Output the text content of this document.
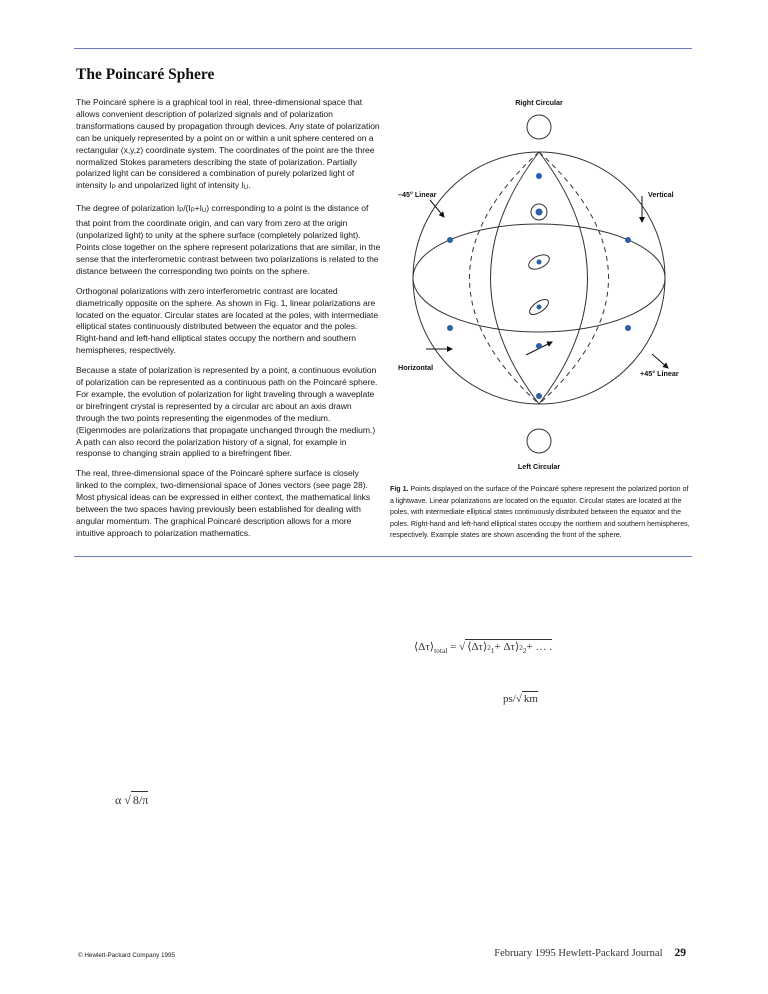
The Poincaré Sphere

The Poincaré sphere is a graphical tool in real, three-dimensional space that allows convenient description of polarized signals and of polarization transformations caused by propagation through devices. Any state of polarization can be uniquely represented by a point on or within a unit sphere centered on a rectangular (x,y,z) coordinate system. The coordinates of the point are the three normalized Stokes parameters describing the state of polarization. Partially polarized light can be considered a combination of purely polarized light of intensity IP and unpolarized light of intensity IU.

The degree of polarization IP/(IP+IU) corresponding to a point is the distance of that point from the coordinate origin, and can vary from zero at the origin (unpolarized light) to unity at the sphere surface (completely polarized light). Points close together on the sphere represent polarizations that are similar, in the sense that the interferometric contrast between two polarizations is related to the distance between the corresponding two points on the sphere.

Orthogonal polarizations with zero interferometric contrast are located diametrically opposite on the sphere. As shown in Fig. 1, linear polarizations are located on the equator. Circular states are located at the poles, with intermediate elliptical states continuously distributed between the equator and the poles. Right-hand and left-hand elliptical states occupy the northern and southern hemispheres, respectively.

Because a state of polarization is represented by a point, a continuous evolution of polarization can be represented as a continuous path on the Poincaré sphere. For example, the evolution of polarization for light traveling through a waveplate or birefringent crystal is represented by a circular arc about an axis drawn through the two points representing the eigenmodes of the medium. (Eigenmodes are polarizations that propagate unchanged through the medium.) A path can also record the polarization history of a signal, for example in response to changing strain applied to a birefringent fiber.

The real, three-dimensional space of the Poincaré sphere surface is closely linked to the complex, two-dimensional space of Jones vectors (see page 28). Most physical ideas can be expressed in either context, the mathematical links between the two spaces having previously been established for dealing with angular momentum. The graphical Poincaré description allows for a more intuitive approach to polarization mathematics.

Right Circular
Left Circular
–45° Linear	Vertical
Horizontal
+45° Linear

Fig 1. Points displayed on the surface of the Poincaré sphere represent the polarized portion of a lightwave. Linear polarizations are located on the equator. Circular states are located at the poles, with intermediate elliptical states continuously distributed between the equator and the poles. Right-hand and left-hand elliptical states occupy the northern and southern hemispheres, respectively. Example states are shown ascending the front of the sphere.

$⟨\Delta\tau⟩_{total}$ = √ $⟨\Delta\tau⟩2_1+$ $\Delta\tau⟩2_2+$ … .
ps/√ km
α √ 8/π

© Hewlett-Packard Company 1995	February 1995 Hewlett-Packard Journal 29
